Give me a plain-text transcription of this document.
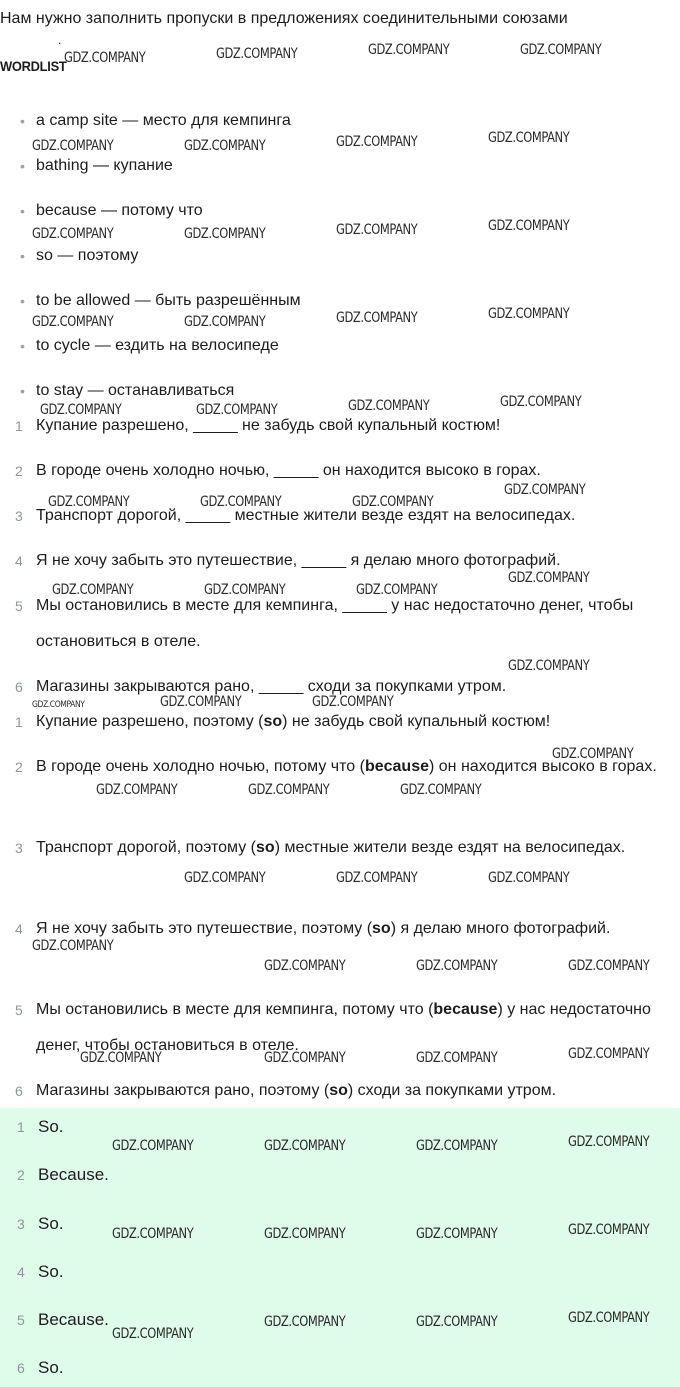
Нам нужно заполнить пропуски в предложениях соединительными союзами
.
WORDLIST
• a camp site — место для кемпинга
• bathing — купание
• because — потому что
• so — поэтому
• to be allowed — быть разрешённым
• to cycle — ездить на велосипеде
• to stay — останавливаться
1 Купание разрешено, _____ не забудь свой купальный костюм!
2 В городе очень холодно ночью, _____ он находится высоко в горах.
3 Транспорт дорогой, _____ местные жители везде ездят на велосипедах.
4 Я не хочу забыть это путешествие, _____ я делаю много фотографий.
5 Мы остановились в месте для кемпинга, _____ у нас недостаточно денег, чтобы остановиться в отеле.
6 Магазины закрываются рано, _____ сходи за покупками утром.
1 Купание разрешено, поэтому (so) не забудь свой купальный костюм!
2 В городе очень холодно ночью, потому что (because) он находится высоко в горах.
3 Транспорт дорогой, поэтому (so) местные жители везде ездят на велосипедах.
4 Я не хочу забыть это путешествие, поэтому (so) я делаю много фотографий.
5 Мы остановились в месте для кемпинга, потому что (because) у нас недостаточно денег, чтобы остановиться в отеле.
6 Магазины закрываются рано, поэтому (so) сходи за покупками утром.
1 So.
2 Because.
3 So.
4 So.
5 Because.
6 So.
GDZ.COMPANY	GDZ.COMPANY	GDZ.COMPANY	GDZ.COMPANY
GDZ.COMPANY	GDZ.COMPANY	GDZ.COMPANY	GDZ.COMPANY
GDZ.COMPANY	GDZ.COMPANY	GDZ.COMPANY	GDZ.COMPANY
GDZ.COMPANY	GDZ.COMPANY	GDZ.COMPANY	GDZ.COMPANY
GDZ.COMPANY	GDZ.COMPANY	GDZ.COMPANY	GDZ.COMPANY
GDZ.COMPANY	GDZ.COMPANY	GDZ.COMPANY
GDZ.COMPANY
GDZ.COMPANY	GDZ.COMPANY	GDZ.COMPANY
GDZ.COMPANY
GDZ.COMPANY
GDZ.COMPANY	GDZ.COMPANY	GDZ.COMPANY
GDZ.COMPANY
GDZ.COMPANY	GDZ.COMPANY	GDZ.COMPANY
GDZ.COMPANY	GDZ.COMPANY	GDZ.COMPANY
GDZ.COMPANY
GDZ.COMPANY	GDZ.COMPANY	GDZ.COMPANY
GDZ.COMPANY	GDZ.COMPANY	GDZ.COMPANY	GDZ.COMPANY
GDZ.COMPANY	GDZ.COMPANY	GDZ.COMPANY	GDZ.COMPANY
GDZ.COMPANY	GDZ.COMPANY	GDZ.COMPANY	GDZ.COMPANY
GDZ.COMPANY
GDZ.COMPANY	GDZ.COMPANY	GDZ.COMPANY
